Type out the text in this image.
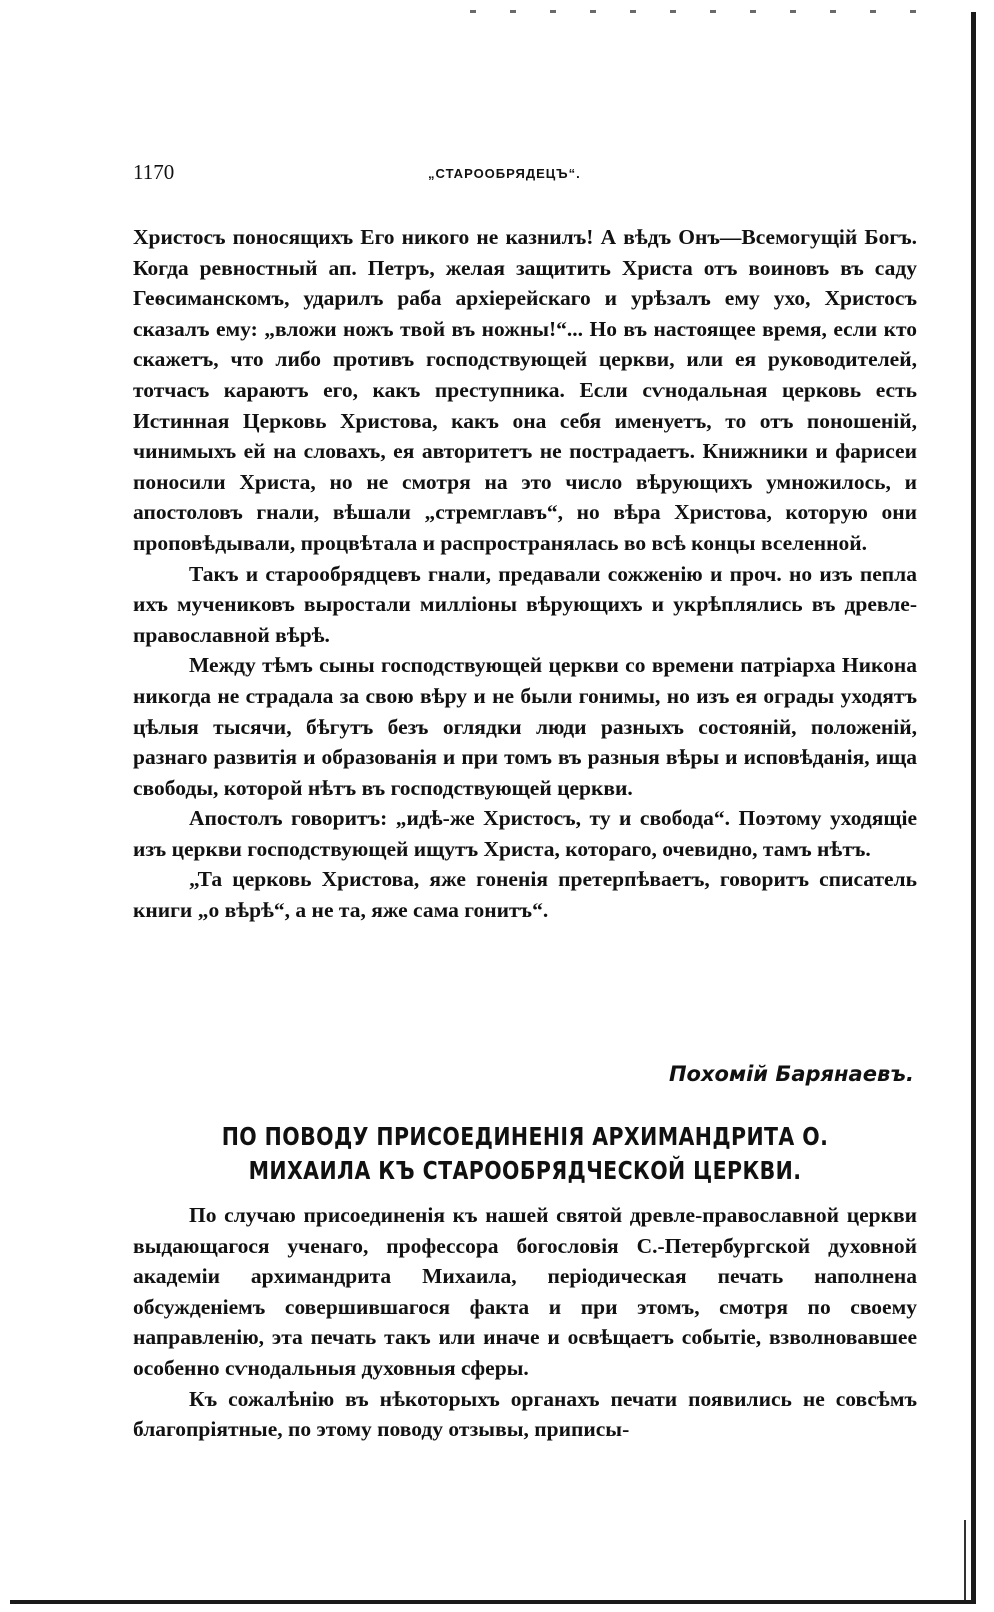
1170	„СТАРООБРЯДЕЦЪ“.

Христосъ поносящихъ Его никого не казнилъ! А вѣдъ Онъ—Всемогущій Богъ. Когда ревностный ап. Петръ, желая защитить Христа отъ воиновъ въ саду Геѳсиманскомъ, ударилъ раба архіерейскаго и урѣзалъ ему ухо, Христосъ сказалъ ему: „вложи ножъ твой въ ножны!“... Но въ настоящее время, если кто скажетъ, что либо противъ господствующей церкви, или ея руководителей, тотчасъ караютъ его, какъ преступника. Если сѵнодальная церковь есть Истинная Церковь Христова, какъ она себя именуетъ, то отъ поношеній, чинимыхъ ей на словахъ, ея авторитетъ не пострадаетъ. Книжники и фарисеи поносили Христа, но не смотря на это число вѣрующихъ умножилось, и апостоловъ гнали, вѣшали „стремглавъ“, но вѣра Христова, которую они проповѣдывали, процвѣтала и распространялась во всѣ концы вселенной.

Такъ и старообрядцевъ гнали, предавали сожженію и проч. но изъ пепла ихъ мучениковъ выростали милліоны вѣрующихъ и укрѣплялись въ древле-православной вѣрѣ.

Между тѣмъ сыны господствующей церкви со времени патріарха Никона никогда не страдала за свою вѣру и не были гонимы, но изъ ея ограды уходятъ цѣлыя тысячи, бѣгутъ безъ оглядки люди разныхъ состояній, положеній, разнаго развитія и образованія и при томъ въ разныя вѣры и исповѣданія, ища свободы, которой нѣтъ въ господствующей церкви.

Апостолъ говоритъ: „идѣ-же Христосъ, ту и свобода“. Поэтому уходящіе изъ церкви господствующей ищутъ Христа, котораго, очевидно, тамъ нѣтъ.

„Та церковь Христова, яже гоненія претерпѣваетъ, говоритъ списатель книги „о вѣрѣ“, а не та, яже сама гонитъ“.

Похомій Барянаевъ.
ПО ПОВОДУ ПРИСОЕДИНЕНІЯ АРХИМАНДРИТА О. МИХАИЛА КЪ СТАРООБРЯДЧЕСКОЙ ЦЕРКВИ.

По случаю присоединенія къ нашей святой древле-православной церкви выдающагося ученаго, профессора богословія С.-Петербургской духовной академіи архимандрита Михаила, періодическая печать наполнена обсужденіемъ совершившагося факта и при этомъ, смотря по своему направленію, эта печать такъ или иначе и освѣщаетъ событіе, взволновавшее особенно сѵнодальныя духовныя сферы.

Къ сожалѣнію въ нѣкоторыхъ органахъ печати появились не совсѣмъ благопріятные, по этому поводу отзывы, приписы-
